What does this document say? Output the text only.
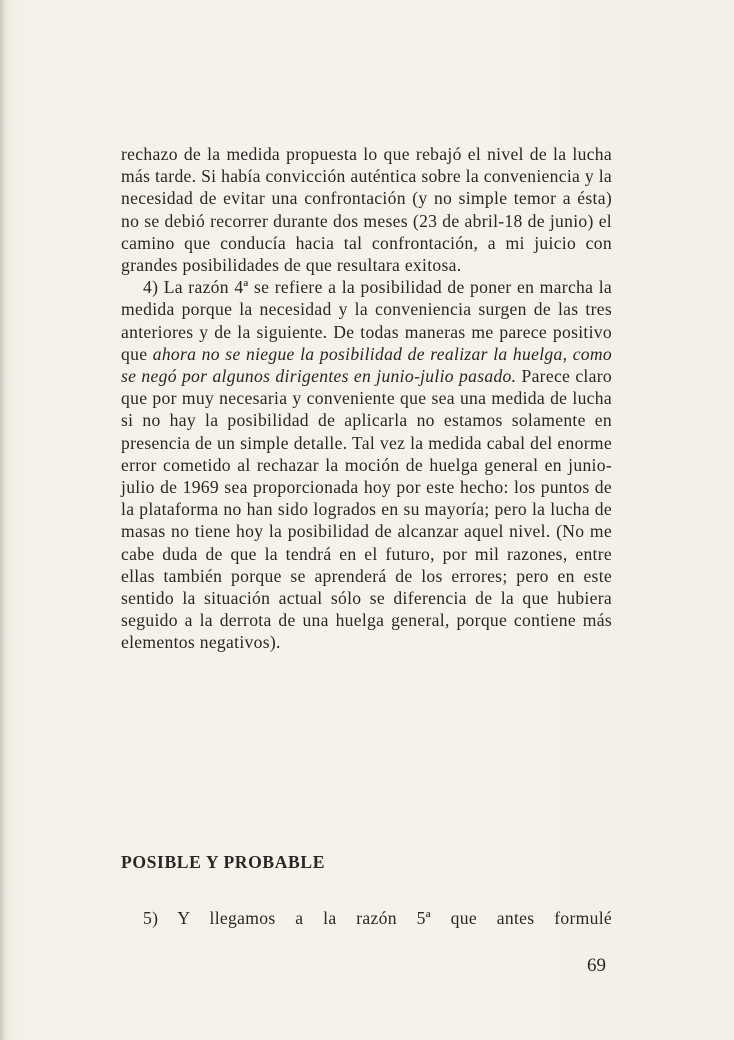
rechazo de la medida propuesta lo que rebajó el nivel de la lucha más tarde. Si había convicción auténtica sobre la conveniencia y la necesidad de evitar una confrontación (y no simple temor a ésta) no se debió recorrer durante dos meses (23 de abril-18 de junio) el camino que conducía hacia tal confrontación, a mi juicio con grandes posibilidades de que resultara exitosa.

4) La razón 4ª se refiere a la posibilidad de poner en marcha la medida porque la necesidad y la conveniencia surgen de las tres anteriores y de la siguiente. De todas maneras me parece positivo que ahora no se niegue la posibilidad de realizar la huelga, como se negó por algunos dirigentes en junio-julio pasado. Parece claro que por muy necesaria y conveniente que sea una medida de lucha si no hay la posibilidad de aplicarla no estamos solamente en presencia de un simple detalle. Tal vez la medida cabal del enorme error cometido al rechazar la moción de huelga general en junio-julio de 1969 sea proporcionada hoy por este hecho: los puntos de la plataforma no han sido logrados en su mayoría; pero la lucha de masas no tiene hoy la posibilidad de alcanzar aquel nivel. (No me cabe duda de que la tendrá en el futuro, por mil razones, entre ellas también porque se aprenderá de los errores; pero en este sentido la situación actual sólo se diferencia de la que hubiera seguido a la derrota de una huelga general, porque contiene más elementos negativos).

POSIBLE Y PROBABLE

5) Y llegamos a la razón 5ª que antes formulé

69
